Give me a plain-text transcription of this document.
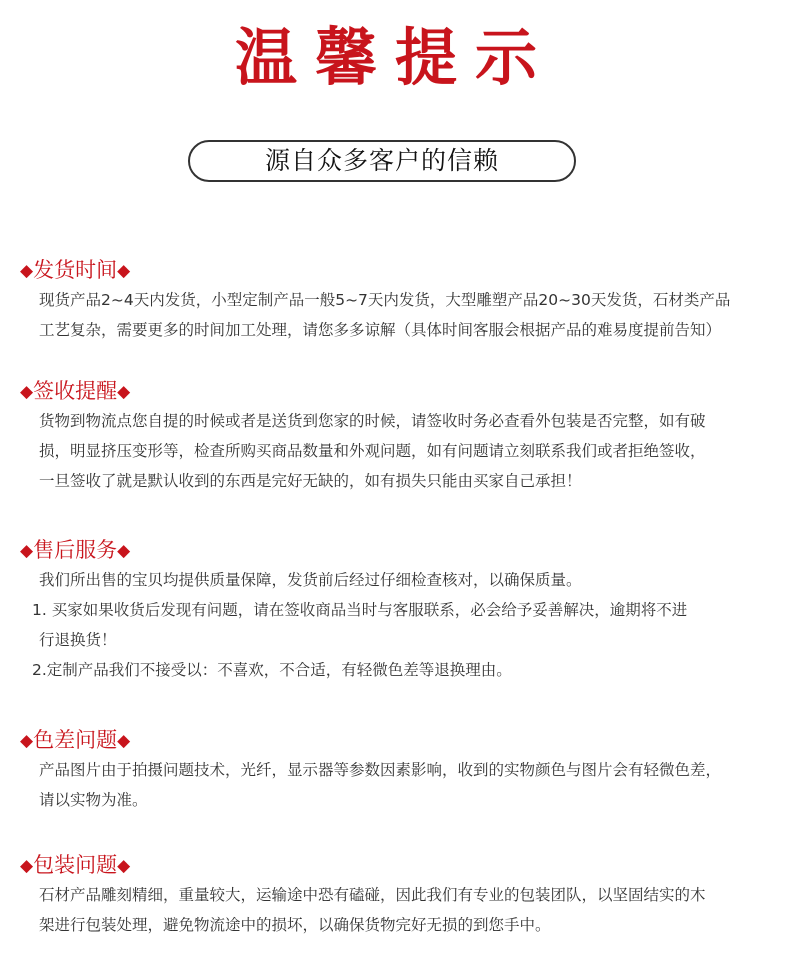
温馨提示
源自众多客户的信赖
◆发货时间◆
现货产品2~4天内发货，小型定制产品一般5~7天内发货，大型雕塑产品20~30天发货，石材类产品
工艺复杂，需要更多的时间加工处理，请您多多谅解（具体时间客服会根据产品的难易度提前告知）
◆签收提醒◆
货物到物流点您自提的时候或者是送货到您家的时候，请签收时务必查看外包装是否完整，如有破
损，明显挤压变形等，检查所购买商品数量和外观问题，如有问题请立刻联系我们或者拒绝签收，
一旦签收了就是默认收到的东西是完好无缺的，如有损失只能由买家自己承担！
◆售后服务◆
我们所出售的宝贝均提供质量保障，发货前后经过仔细检查核对，以确保质量。
1. 买家如果收货后发现有问题，请在签收商品当时与客服联系，必会给予妥善解决，逾期将不进
行退换货！
2.定制产品我们不接受以：不喜欢，不合适，有轻微色差等退换理由。
◆色差问题◆
产品图片由于拍摄问题技术，光纤，显示器等参数因素影响，收到的实物颜色与图片会有轻微色差，
请以实物为准。
◆包装问题◆
石材产品雕刻精细，重量较大，运输途中恐有磕碰，因此我们有专业的包装团队，以坚固结实的木
架进行包装处理，避免物流途中的损坏，以确保货物完好无损的到您手中。
